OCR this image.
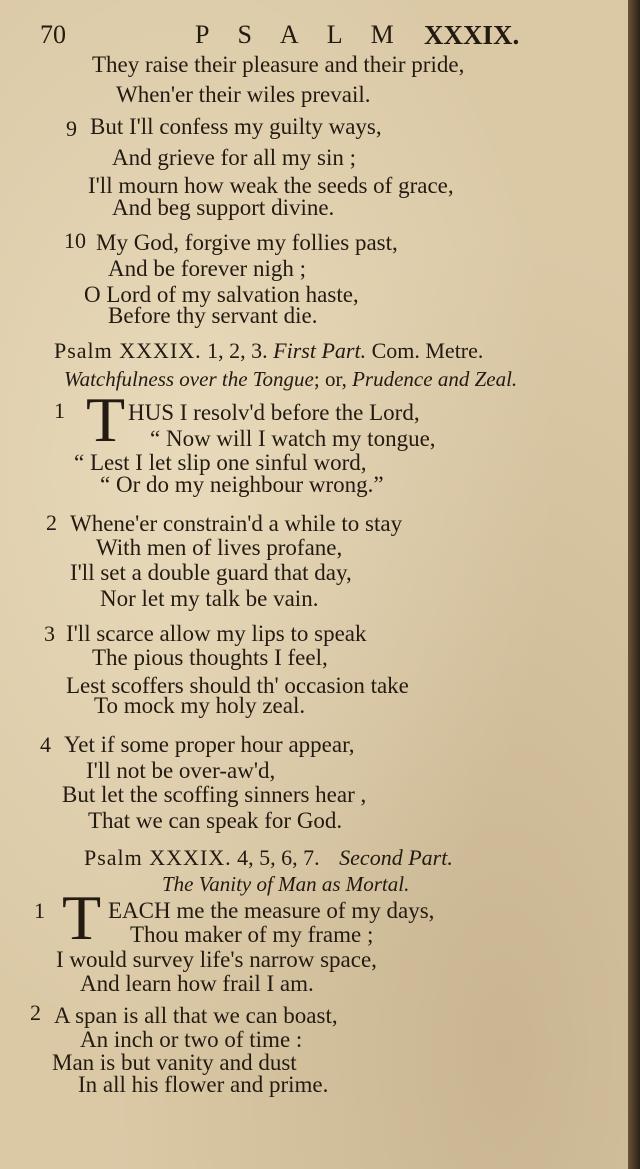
70	PSALM XXXIX.
They raise their pleasure and their pride,
When'er their wiles prevail.
9 But I'll confess my guilty ways,
And grieve for all my sin ;
I'll mourn how weak the seeds of grace,
And beg support divine.
10 My God, forgive my follies past,
And be forever nigh ;
O Lord of my salvation haste,
Before thy servant die.
Psalm XXXIX. 1, 2, 3. First Part. Com. Metre.
Watchfulness over the Tongue; or, Prudence and Zeal.
1 T HUS I resolv'd before the Lord,
“ Now will I watch my tongue,
“ Lest I let slip one sinful word,
“ Or do my neighbour wrong.”
2 Whene'er constrain'd a while to stay
With men of lives profane,
I'll set a double guard that day,
Nor let my talk be vain.
3 I'll scarce allow my lips to speak
The pious thoughts I feel,
Lest scoffers should th' occasion take
To mock my holy zeal.
4 Yet if some proper hour appear,
I'll not be over-aw'd,
But let the scoffing sinners hear ,
That we can speak for God.
Psalm XXXIX. 4, 5, 6, 7. Second Part.
The Vanity of Man as Mortal.
1 T EACH me the measure of my days,
Thou maker of my frame ;
I would survey life's narrow space,
And learn how frail I am.
2 A span is all that we can boast,
An inch or two of time :
Man is but vanity and dust
In all his flower and prime.
